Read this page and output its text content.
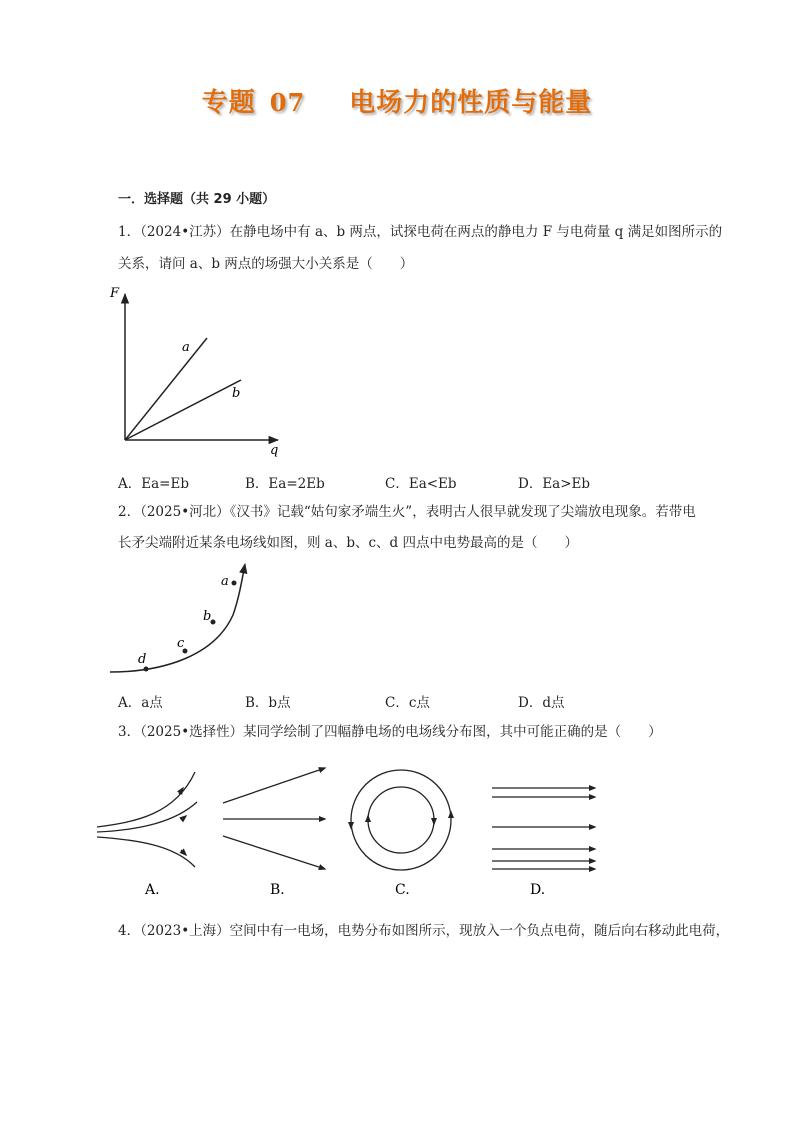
专题 07 电场力的性质与能量
一．选择题（共 29 小题）
1．（2024•江苏）在静电场中有 a、b 两点，试探电荷在两点的静电力 F 与电荷量 q 满足如图所示的
关系，请问 a、b 两点的场强大小关系是（　　）
F
q
a
b
A．Ea=Eb	B．Ea=2Eb	C．Ea<Eb	D．Ea>Eb
2．（2025•河北）《汉书》记载“姑句家矛端生火”，表明古人很早就发现了尖端放电现象。若带电
长矛尖端附近某条电场线如图，则 a、b、c、d 四点中电势最高的是（　　）
d
c
b
a
A．a点	B．b点	C．c点	D．d点
3．（2025•选择性）某同学绘制了四幅静电场的电场线分布图，其中可能正确的是（　　）
A.	B.	C.	D.
4．（2023•上海）空间中有一电场，电势分布如图所示，现放入一个负点电荷，随后向右移动此电荷，
